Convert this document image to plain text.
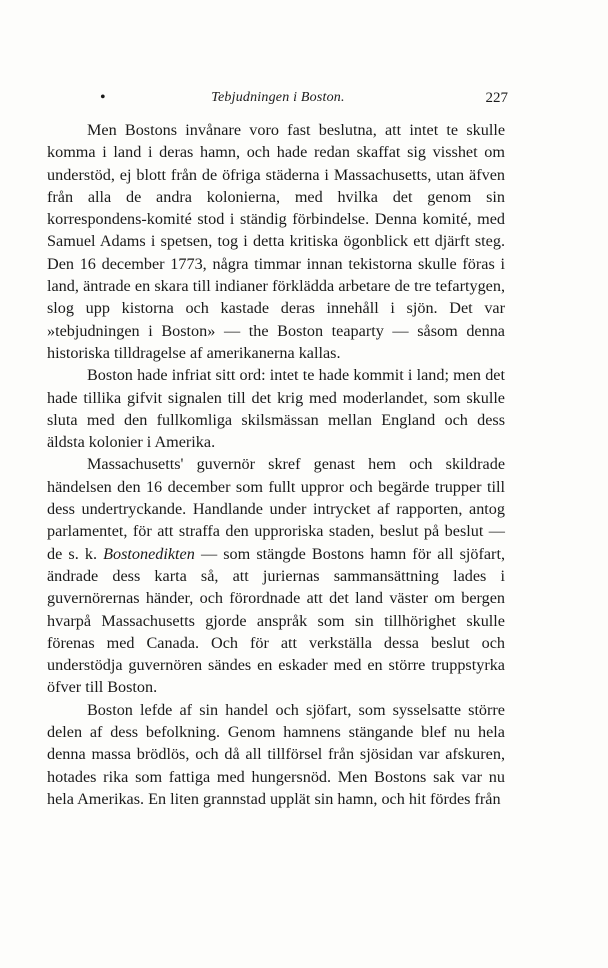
•	Tebjudningen i Boston.	227

Men Bostons invånare voro fast beslutna, att intet te skulle komma i land i deras hamn, och hade redan skaffat sig visshet om understöd, ej blott från de öfriga städerna i Massachusetts, utan äfven från alla de andra kolonierna, med hvilka det genom sin korrespondens-komité stod i ständig förbindelse. Denna komité, med Samuel Adams i spetsen, tog i detta kritiska ögonblick ett djärft steg. Den 16 december 1773, några timmar innan tekistorna skulle föras i land, äntrade en skara till indianer förklädda arbetare de tre tefartygen, slog upp kistorna och kastade deras innehåll i sjön. Det var »tebjudningen i Boston» — the Boston teaparty — såsom denna historiska tilldragelse af amerikanerna kallas.

Boston hade infriat sitt ord: intet te hade kommit i land; men det hade tillika gifvit signalen till det krig med moderlandet, som skulle sluta med den fullkomliga skilsmässan mellan England och dess äldsta kolonier i Amerika.

Massachusetts' guvernör skref genast hem och skildrade händelsen den 16 december som fullt uppror och begärde trupper till dess undertryckande. Handlande under intrycket af rapporten, antog parlamentet, för att straffa den upproriska staden, beslut på beslut — de s. k. Bostonedikten — som stängde Bostons hamn för all sjöfart, ändrade dess karta så, att juriernas sammansättning lades i guvernörernas händer, och förordnade att det land väster om bergen hvarpå Massachusetts gjorde anspråk som sin tillhörighet skulle förenas med Canada. Och för att verkställa dessa beslut och understödja guvernören sändes en eskader med en större truppstyrka öfver till Boston.

Boston lefde af sin handel och sjöfart, som sysselsatte större delen af dess befolkning. Genom hamnens stängande blef nu hela denna massa brödlös, och då all tillförsel från sjösidan var afskuren, hotades rika som fattiga med hungersnöd. Men Bostons sak var nu hela Amerikas. En liten grannstad upplät sin hamn, och hit fördes från
